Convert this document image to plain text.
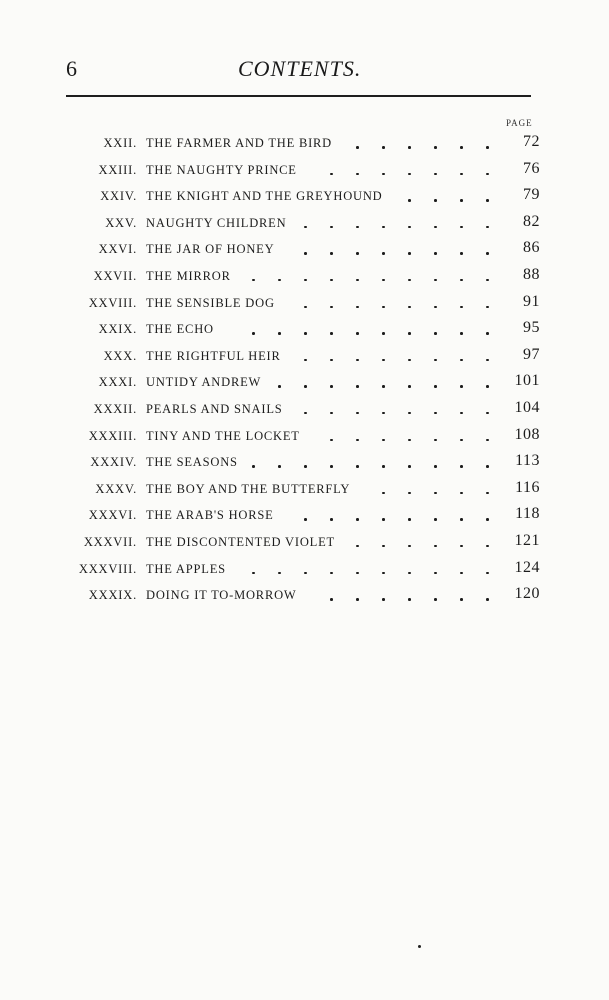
6	CONTENTS.
PAGE
XXII. THE FARMER AND THE BIRD	72
XXIII. THE NAUGHTY PRINCE	76
XXIV. THE KNIGHT AND THE GREYHOUND	79
XXV. NAUGHTY CHILDREN	82
XXVI. THE JAR OF HONEY	86
XXVII. THE MIRROR	88
XXVIII. THE SENSIBLE DOG	91
XXIX. THE ECHO	95
XXX. THE RIGHTFUL HEIR	97
XXXI. UNTIDY ANDREW	101
XXXII. PEARLS AND SNAILS	104
XXXIII. TINY AND THE LOCKET	108
XXXIV. THE SEASONS	113
XXXV. THE BOY AND THE BUTTERFLY	116
XXXVI. THE ARAB'S HORSE	118
XXXVII. THE DISCONTENTED VIOLET	121
XXXVIII. THE APPLES	124
XXXIX. DOING IT TO-MORROW	120
